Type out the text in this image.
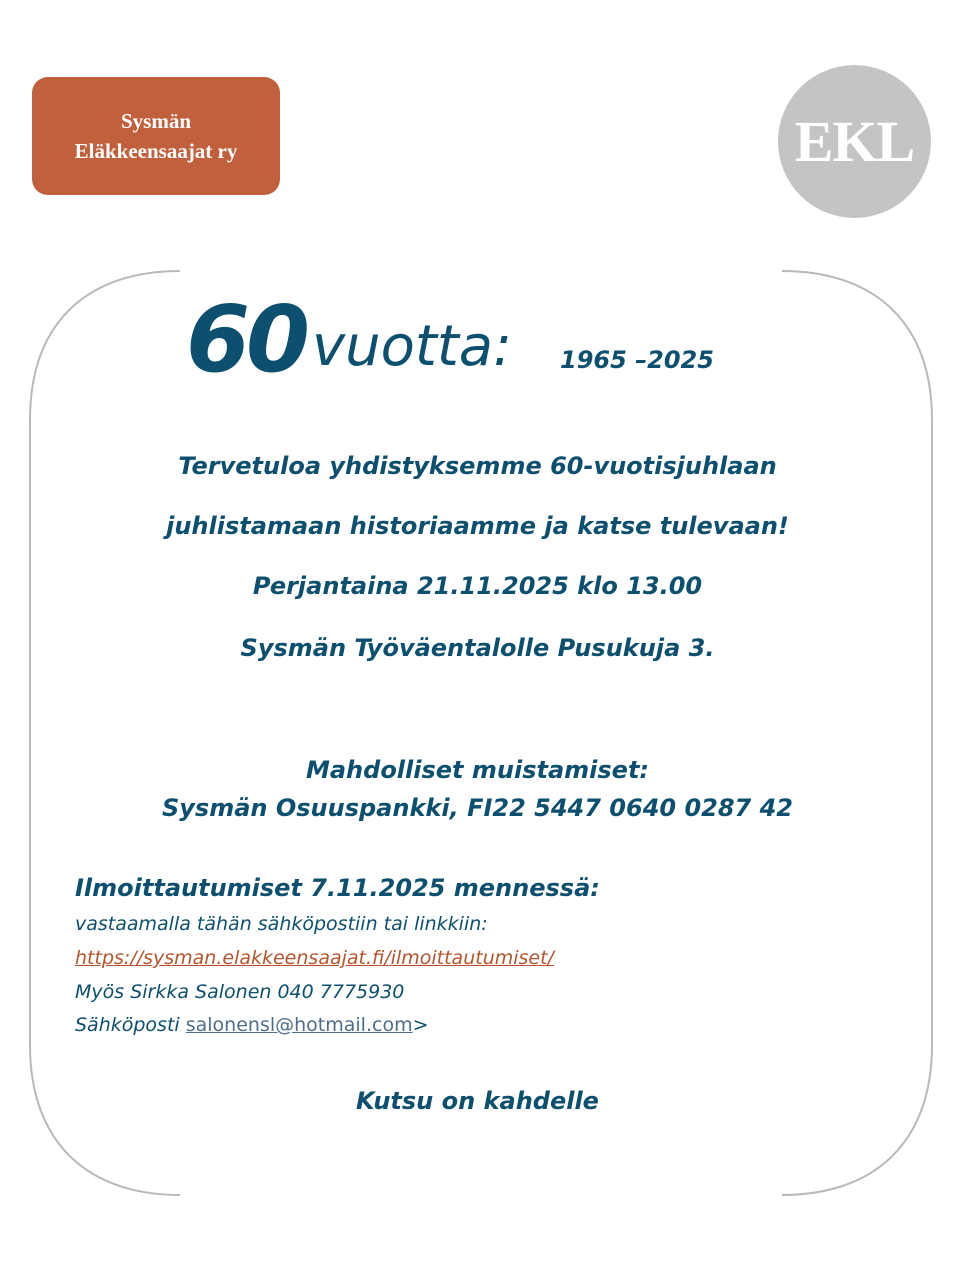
Sysmän
Eläkkeensaajat ry	EKL
60 vuotta: 1965 –2025
Tervetuloa yhdistyksemme 60-vuotisjuhlaan
juhlistamaan historiaamme ja katse tulevaan!
Perjantaina 21.11.2025 klo 13.00
Sysmän Työväentalolle Pusukuja 3.
Mahdolliset muistamiset:
Sysmän Osuuspankki, FI22 5447 0640 0287 42
Ilmoittautumiset 7.11.2025 mennessä:
vastaamalla tähän sähköpostiin tai linkkiin:
https://sysman.elakkeensaajat.fi/ilmoittautumiset/
Myös Sirkka Salonen 040 7775930
Sähköposti salonensl@hotmail.com>
Kutsu on kahdelle
